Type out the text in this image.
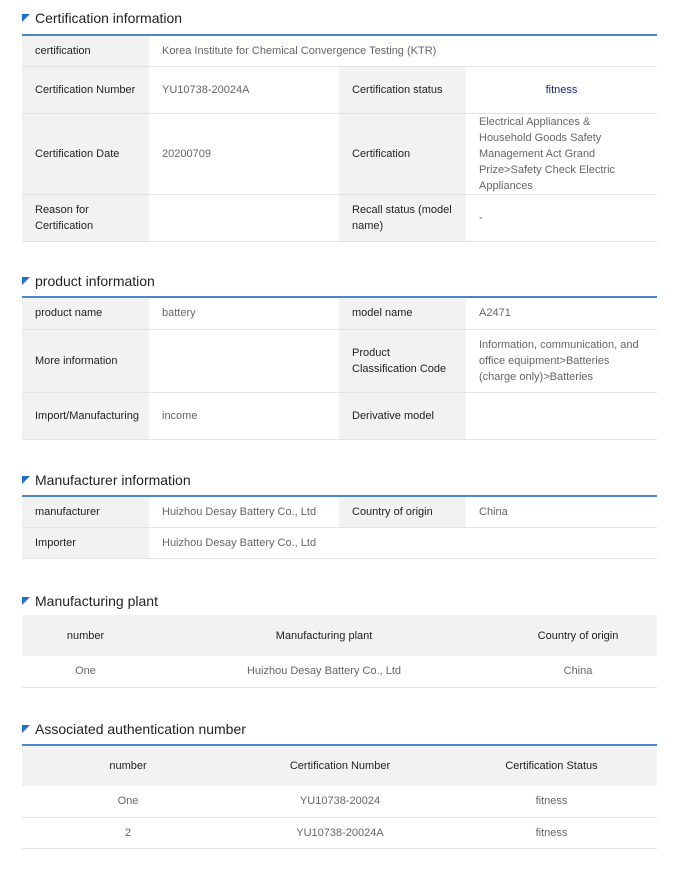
Certification information
certification	Korea Institute for Chemical Convergence Testing (KTR)		
Certification Number	YU10738-20024A	Certification status	fitness
Certification Date	20200709	Certification	Electrical Appliances & Household Goods Safety Management Act Grand Prize>Safety Check Electric Appliances
Reason for Certification		Recall status (model name)	-
product information
product name	battery	model name	A2471
More information		Product Classification Code	Information, communication, and office equipment>Batteries (charge only)>Batteries
Import/Manufacturing	income	Derivative model	
Manufacturer information
manufacturer	Huizhou Desay Battery Co., Ltd	Country of origin	China
Importer	Huizhou Desay Battery Co., Ltd		
Manufacturing plant
number	Manufacturing plant	Country of origin
One	Huizhou Desay Battery Co., Ltd	China
Associated authentication number
number	Certification Number	Certification Status
One	YU10738-20024	fitness
2	YU10738-20024A	fitness
